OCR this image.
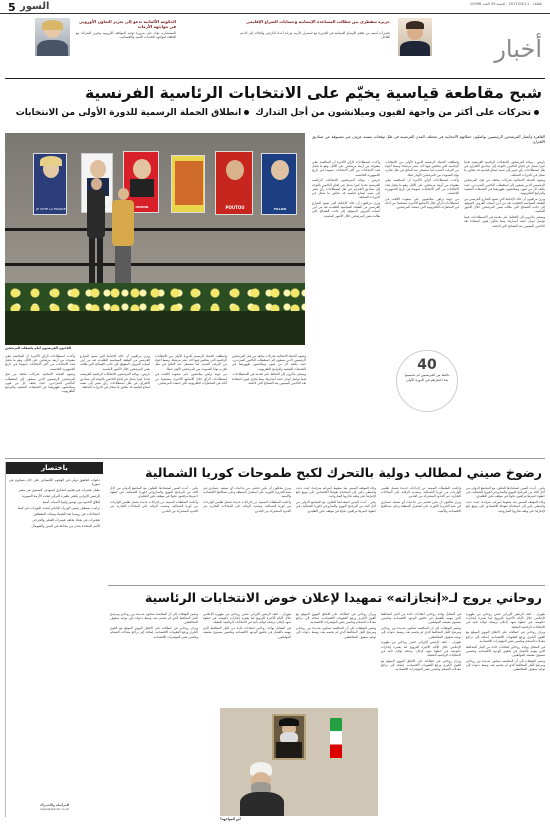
5 السور	الثلاثاء - 2017/04/11 - السنة 39 العدد 10598
الحكومة الألمانية تدعو إلى تعزيز التعاون الأوروبي في مواجهة الأزمات
المستشارية تؤكد على ضرورة توحيد المواقف الأوروبية وتعزيز الشراكة مع الحلفاء لمواجهة التحديات الأمنية والاقتصادية.
جزيرة سقطرى بين مطالب المساعدة الإنسانية وحسابات الصراع الإقليمي
تحذيرات أممية من تفاقم الأوضاع الإنسانية في الجزيرة مع استمرار الأزمة وتزايد أعداد النازحين والحاجة إلى الدعم العاجل.	أخبار
شبح مقاطعة قياسية يخيّم على الانتخابات الرئاسية الفرنسية
تحركات على أكثر من واجهة لفيون وميلانشون من أجل التدارك انطلاق الحملة الرسمية للدورة الأولى من الانتخابات
JE VOTE LA FRANCE	HAMON	POUTOU	FILLON
الناخبون الفرنسيون أمام ملصقات المرشحين
القاهرة وأنصار المرشحين الرئيسيين يواصلون حملاتهم الانتخابية في مختلف المدن الفرنسية في ظل توقعات بنسبة عزوف غير مسبوقة عن صناديق الاقتراع.

باريس - يواجه المرشحون للانتخابات الرئاسية الفرنسية تحديا كبيرا يتمثل في إقناع الناخبين بالتوجه إلى صناديق الاقتراع، في ظل استطلاعات رأي تشير إلى نسبة امتناع قياسية قد تتجاوز ما سجل في الدورات السابقة.

وتشهد الحملة الانتخابية تحركات مكثفة من قبل المرشحين الرئيسيين الذين يسعون إلى استقطاب الناخبين المترددين، حيث يكثف كل من فيون وميلانشون ظهورهما في التجمعات الشعبية والبرامج التلفزيونية.

ويرى مراقبون أن حالة الإحباط التي تسود الشارع الفرنسي من الطبقة السياسية التقليدية تعد من أبرز أسباب العزوف المتوقع، إلى جانب الفضائح التي طالت بعض المرشحين خلال الأشهر الماضية.

ويسعى ماكرون إلى الحفاظ على تقدمه في الاستطلاعات، فيما تواصل لوبان حشد أنصارها، بينما يحاول فيون استعادة ثقة الناخبين اليمينيين بعد الفضائح التي لاحقته.

وانطلقت الحملة الرسمية للدورة الأولى من الانتخابات الرئاسية التي يتنافس فيها أحد عشر مرشحا، وسط أجواء من الترقب الشديد لما ستسفر عنه النتائج في ظل تقارب نوايا التصويت بين المرشحين الأوفر حظا.

وأكدت استطلاعات الرأي الأخيرة أن المنافسة تبقى مفتوحة بين أربعة مرشحين على الأقل، وهو ما يجعل هذه الانتخابات من أكثر الانتخابات غموضا في تاريخ الجمهورية الخامسة.

من جهته يراهن ميلانشون على صعوده اللافت في استطلاعات الرأي خلال الأسابيع الأخيرة، مستفيدا من أدائه في المناظرات التلفزيونية التي جمعت المرشحين.

وأكدت استطلاعات الرأي الأخيرة أن المنافسة تبقى مفتوحة بين أربعة مرشحين على الأقل، وهو ما يجعل هذه الانتخابات من أكثر الانتخابات غموضا في تاريخ الجمهورية الخامسة.

باريس - يواجه المرشحون للانتخابات الرئاسية الفرنسية تحديا كبيرا يتمثل في إقناع الناخبين بالتوجه إلى صناديق الاقتراع، في ظل استطلاعات رأي تشير إلى نسبة امتناع قياسية قد تتجاوز ما سجل في الدورات السابقة.

ويرى مراقبون أن حالة الإحباط التي تسود الشارع الفرنسي من الطبقة السياسية التقليدية تعد من أبرز أسباب العزوف المتوقع، إلى جانب الفضائح التي طالت بعض المرشحين خلال الأشهر الماضية.

40
بالمئة من الفرنسيين لم يحسموا بعد اختيارهم في الدورة الأولى

وتشهد الحملة الانتخابية تحركات مكثفة من قبل المرشحين الرئيسيين الذين يسعون إلى استقطاب الناخبين المترددين، حيث يكثف كل من فيون وميلانشون ظهورهما في التجمعات الشعبية والبرامج التلفزيونية.

ويسعى ماكرون إلى الحفاظ على تقدمه في الاستطلاعات، فيما تواصل لوبان حشد أنصارها، بينما يحاول فيون استعادة ثقة الناخبين اليمينيين بعد الفضائح التي لاحقته.

وانطلقت الحملة الرسمية للدورة الأولى من الانتخابات الرئاسية التي يتنافس فيها أحد عشر مرشحا، وسط أجواء من الترقب الشديد لما ستسفر عنه النتائج في ظل تقارب نوايا التصويت بين المرشحين الأوفر حظا.

من جهته يراهن ميلانشون على صعوده اللافت في استطلاعات الرأي خلال الأسابيع الأخيرة، مستفيدا من أدائه في المناظرات التلفزيونية التي جمعت المرشحين.

ويرى مراقبون أن حالة الإحباط التي تسود الشارع الفرنسي من الطبقة السياسية التقليدية تعد من أبرز أسباب العزوف المتوقع، إلى جانب الفضائح التي طالت بعض المرشحين خلال الأشهر الماضية.

باريس - يواجه المرشحون للانتخابات الرئاسية الفرنسية تحديا كبيرا يتمثل في إقناع الناخبين بالتوجه إلى صناديق الاقتراع، في ظل استطلاعات رأي تشير إلى نسبة امتناع قياسية قد تتجاوز ما سجل في الدورات السابقة.

وأكدت استطلاعات الرأي الأخيرة أن المنافسة تبقى مفتوحة بين أربعة مرشحين على الأقل، وهو ما يجعل هذه الانتخابات من أكثر الانتخابات غموضا في تاريخ الجمهورية الخامسة.

وتشهد الحملة الانتخابية تحركات مكثفة من قبل المرشحين الرئيسيين الذين يسعون إلى استقطاب الناخبين المترددين، حيث يكثف كل من فيون وميلانشون ظهورهما في التجمعات الشعبية والبرامج التلفزيونية.

باختصار

دعوات لتحقيق دولي في الهجوم الكيميائي على خان شيخون في سوريا

مقتل عشرات في هجوم انتحاري استهدف كنيستين في مصر

الرئيس الإيراني يلتقي نظيره التركي لبحث الأزمة السورية

إغلاق الحدود بين تونس وليبيا لأسباب أمنية

ترامب يستقبل رئيس الوزراء الياباني لبحث التوترات في آسيا

احتجاجات في روسيا ضد الفساد ومئات المعتقلين

تفجيرات في بغداد تخلف عشرات القتلى والجرحى

الأمم المتحدة تحذر من مجاعة في اليمن والصومال

للمراسلة والاشتراك
news@alarab.co.uk
رضوخ صيني لمطالب دولية بالتحرك لكبح طموحات كوريا الشمالية

بكين - أبدت الصين استعدادها للتعاون مع المجتمع الدولي من أجل الحد من البرنامج النووي والصاروخي لكوريا الشمالية، في خطوة اعتبرها مراقبون تحولا في موقف بكين التقليدي.

وجاء الموقف الصيني بعد ضغوط أميركية متزايدة، حيث دعت واشنطن بكين إلى استخدام نفوذها الاقتصادي على بيونغ يانغ لإجبارها على وقف تجاربها الصاروخية.

وأعلنت السلطات الصينية عن إجراءات جديدة تشمل تقليص الواردات من كوريا الشمالية، وتشديد الرقابة على المبادلات التجارية عبر الحدود المشتركة بين البلدين.

ويرى محللون أن بكين تخشى من تداعيات أي تصعيد عسكري في شبه الجزيرة الكورية على استقرار المنطقة وعلى مصالحها الاقتصادية والأمنية.

وجاء الموقف الصيني بعد ضغوط أميركية متزايدة، حيث دعت واشنطن بكين إلى استخدام نفوذها الاقتصادي على بيونغ يانغ لإجبارها على وقف تجاربها الصاروخية.

بكين - أبدت الصين استعدادها للتعاون مع المجتمع الدولي من أجل الحد من البرنامج النووي والصاروخي لكوريا الشمالية، في خطوة اعتبرها مراقبون تحولا في موقف بكين التقليدي.

ويرى محللون أن بكين تخشى من تداعيات أي تصعيد عسكري في شبه الجزيرة الكورية على استقرار المنطقة وعلى مصالحها الاقتصادية والأمنية.

وأعلنت السلطات الصينية عن إجراءات جديدة تشمل تقليص الواردات من كوريا الشمالية، وتشديد الرقابة على المبادلات التجارية عبر الحدود المشتركة بين البلدين.

بكين - أبدت الصين استعدادها للتعاون مع المجتمع الدولي من أجل الحد من البرنامج النووي والصاروخي لكوريا الشمالية، في خطوة اعتبرها مراقبون تحولا في موقف بكين التقليدي.

وأعلنت السلطات الصينية عن إجراءات جديدة تشمل تقليص الواردات من كوريا الشمالية، وتشديد الرقابة على المبادلات التجارية عبر الحدود المشتركة بين البلدين.

روحاني يروج لـ«إنجازاته» تمهيدا لإعلان خوض الانتخابات الرئاسية

طهران - كثف الرئيس الإيراني حسن روحاني من ظهوره الإعلامي خلال الأيام الأخيرة للترويج لما يعتبره إنجازات حكومته، في خطوة تمهد لإعلان ترشحه لولاية ثانية في الانتخابات الرئاسية المقبلة.

ويركز روحاني في خطاباته على الاتفاق النووي الموقع مع القوى الكبرى ورفع العقوبات الاقتصادية، إضافة إلى تراجع معدلات التضخم وتحسن بعض المؤشرات الاقتصادية.

في المقابل يواجه روحاني انتقادات حادة من التيار المحافظ الذي يتهمه بالفشل في تحقيق الوعود الاقتصادية وتحسين مستوى معيشة المواطنين.

وتشير التوقعات إلى أن المنافسة ستكون شديدة بين روحاني ومرشح التيار المحافظ الذي لم يحسم بعد، وسط دعوات إلى توحيد صفوف المحافظين.

في المقابل يواجه روحاني انتقادات حادة من التيار المحافظ الذي يتهمه بالفشل في تحقيق الوعود الاقتصادية وتحسين مستوى معيشة المواطنين.

وتشير التوقعات إلى أن المنافسة ستكون شديدة بين روحاني ومرشح التيار المحافظ الذي لم يحسم بعد، وسط دعوات إلى توحيد صفوف المحافظين.

طهران - كثف الرئيس الإيراني حسن روحاني من ظهوره الإعلامي خلال الأيام الأخيرة للترويج لما يعتبره إنجازات حكومته، في خطوة تمهد لإعلان ترشحه لولاية ثانية في الانتخابات الرئاسية المقبلة.

ويركز روحاني في خطاباته على الاتفاق النووي الموقع مع القوى الكبرى ورفع العقوبات الاقتصادية، إضافة إلى تراجع معدلات التضخم وتحسن بعض المؤشرات الاقتصادية.

ويركز روحاني في خطاباته على الاتفاق النووي الموقع مع القوى الكبرى ورفع العقوبات الاقتصادية، إضافة إلى تراجع معدلات التضخم وتحسن بعض المؤشرات الاقتصادية.

وتشير التوقعات إلى أن المنافسة ستكون شديدة بين روحاني ومرشح التيار المحافظ الذي لم يحسم بعد، وسط دعوات إلى توحيد صفوف المحافظين.

طهران - كثف الرئيس الإيراني حسن روحاني من ظهوره الإعلامي خلال الأيام الأخيرة للترويج لما يعتبره إنجازات حكومته، في خطوة تمهد لإعلان ترشحه لولاية ثانية في الانتخابات الرئاسية المقبلة.

في المقابل يواجه روحاني انتقادات حادة من التيار المحافظ الذي يتهمه بالفشل في تحقيق الوعود الاقتصادية وتحسين مستوى معيشة المواطنين.

وتشير التوقعات إلى أن المنافسة ستكون شديدة بين روحاني ومرشح التيار المحافظ الذي لم يحسم بعد، وسط دعوات إلى توحيد صفوف المحافظين.

ويركز روحاني في خطاباته على الاتفاق النووي الموقع مع القوى الكبرى ورفع العقوبات الاقتصادية، إضافة إلى تراجع معدلات التضخم وتحسن بعض المؤشرات الاقتصادية.

أين المواجهة؟
